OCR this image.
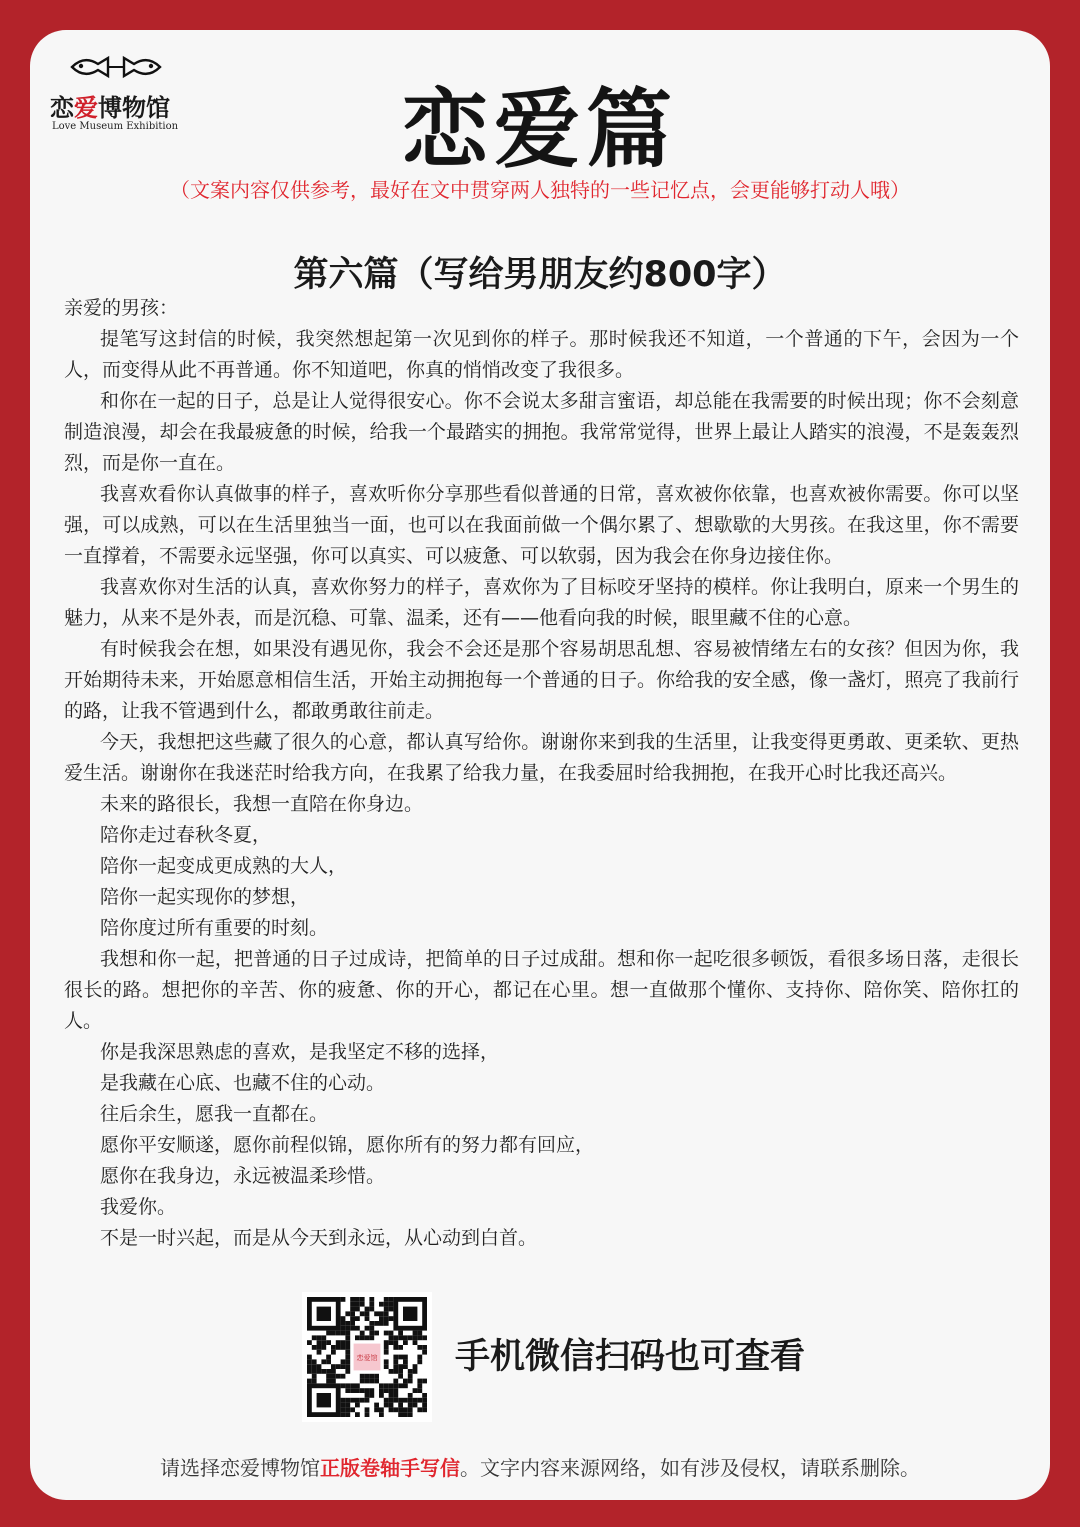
恋爱博物馆
Love Museum Exhibition	恋爱篇
（文案内容仅供参考，最好在文中贯穿两人独特的一些记忆点，会更能够打动人哦）
第六篇（写给男朋友约800字）

亲爱的男孩：

提笔写这封信的时候，我突然想起第一次见到你的样子。那时候我还不知道，一个普通的下午，会因为一个人，而变得从此不再普通。你不知道吧，你真的悄悄改变了我很多。

和你在一起的日子，总是让人觉得很安心。你不会说太多甜言蜜语，却总能在我需要的时候出现；你不会刻意制造浪漫，却会在我最疲惫的时候，给我一个最踏实的拥抱。我常常觉得，世界上最让人踏实的浪漫，不是轰轰烈烈，而是你一直在。

我喜欢看你认真做事的样子，喜欢听你分享那些看似普通的日常，喜欢被你依靠，也喜欢被你需要。你可以坚强，可以成熟，可以在生活里独当一面，也可以在我面前做一个偶尔累了、想歇歇的大男孩。在我这里，你不需要一直撑着，不需要永远坚强，你可以真实、可以疲惫、可以软弱，因为我会在你身边接住你。

我喜欢你对生活的认真，喜欢你努力的样子，喜欢你为了目标咬牙坚持的模样。你让我明白，原来一个男生的魅力，从来不是外表，而是沉稳、可靠、温柔，还有——他看向我的时候，眼里藏不住的心意。

有时候我会在想，如果没有遇见你，我会不会还是那个容易胡思乱想、容易被情绪左右的女孩？但因为你，我开始期待未来，开始愿意相信生活，开始主动拥抱每一个普通的日子。你给我的安全感，像一盏灯，照亮了我前行的路，让我不管遇到什么，都敢勇敢往前走。

今天，我想把这些藏了很久的心意，都认真写给你。谢谢你来到我的生活里，让我变得更勇敢、更柔软、更热爱生活。谢谢你在我迷茫时给我方向，在我累了给我力量，在我委屈时给我拥抱，在我开心时比我还高兴。

未来的路很长，我想一直陪在你身边。

陪你走过春秋冬夏，

陪你一起变成更成熟的大人，

陪你一起实现你的梦想，

陪你度过所有重要的时刻。

我想和你一起，把普通的日子过成诗，把简单的日子过成甜。想和你一起吃很多顿饭，看很多场日落，走很长很长的路。想把你的辛苦、你的疲惫、你的开心，都记在心里。想一直做那个懂你、支持你、陪你笑、陪你扛的人。

你是我深思熟虑的喜欢，是我坚定不移的选择，

是我藏在心底、也藏不住的心动。

往后余生，愿我一直都在。

愿你平安顺遂，愿你前程似锦，愿你所有的努力都有回应，

愿你在我身边，永远被温柔珍惜。

我爱你。

不是一时兴起，而是从今天到永远，从心动到白首。

恋爱馆 手机微信扫码也可查看
请选择恋爱博物馆正版卷轴手写信。文字内容来源网络，如有涉及侵权，请联系删除。
